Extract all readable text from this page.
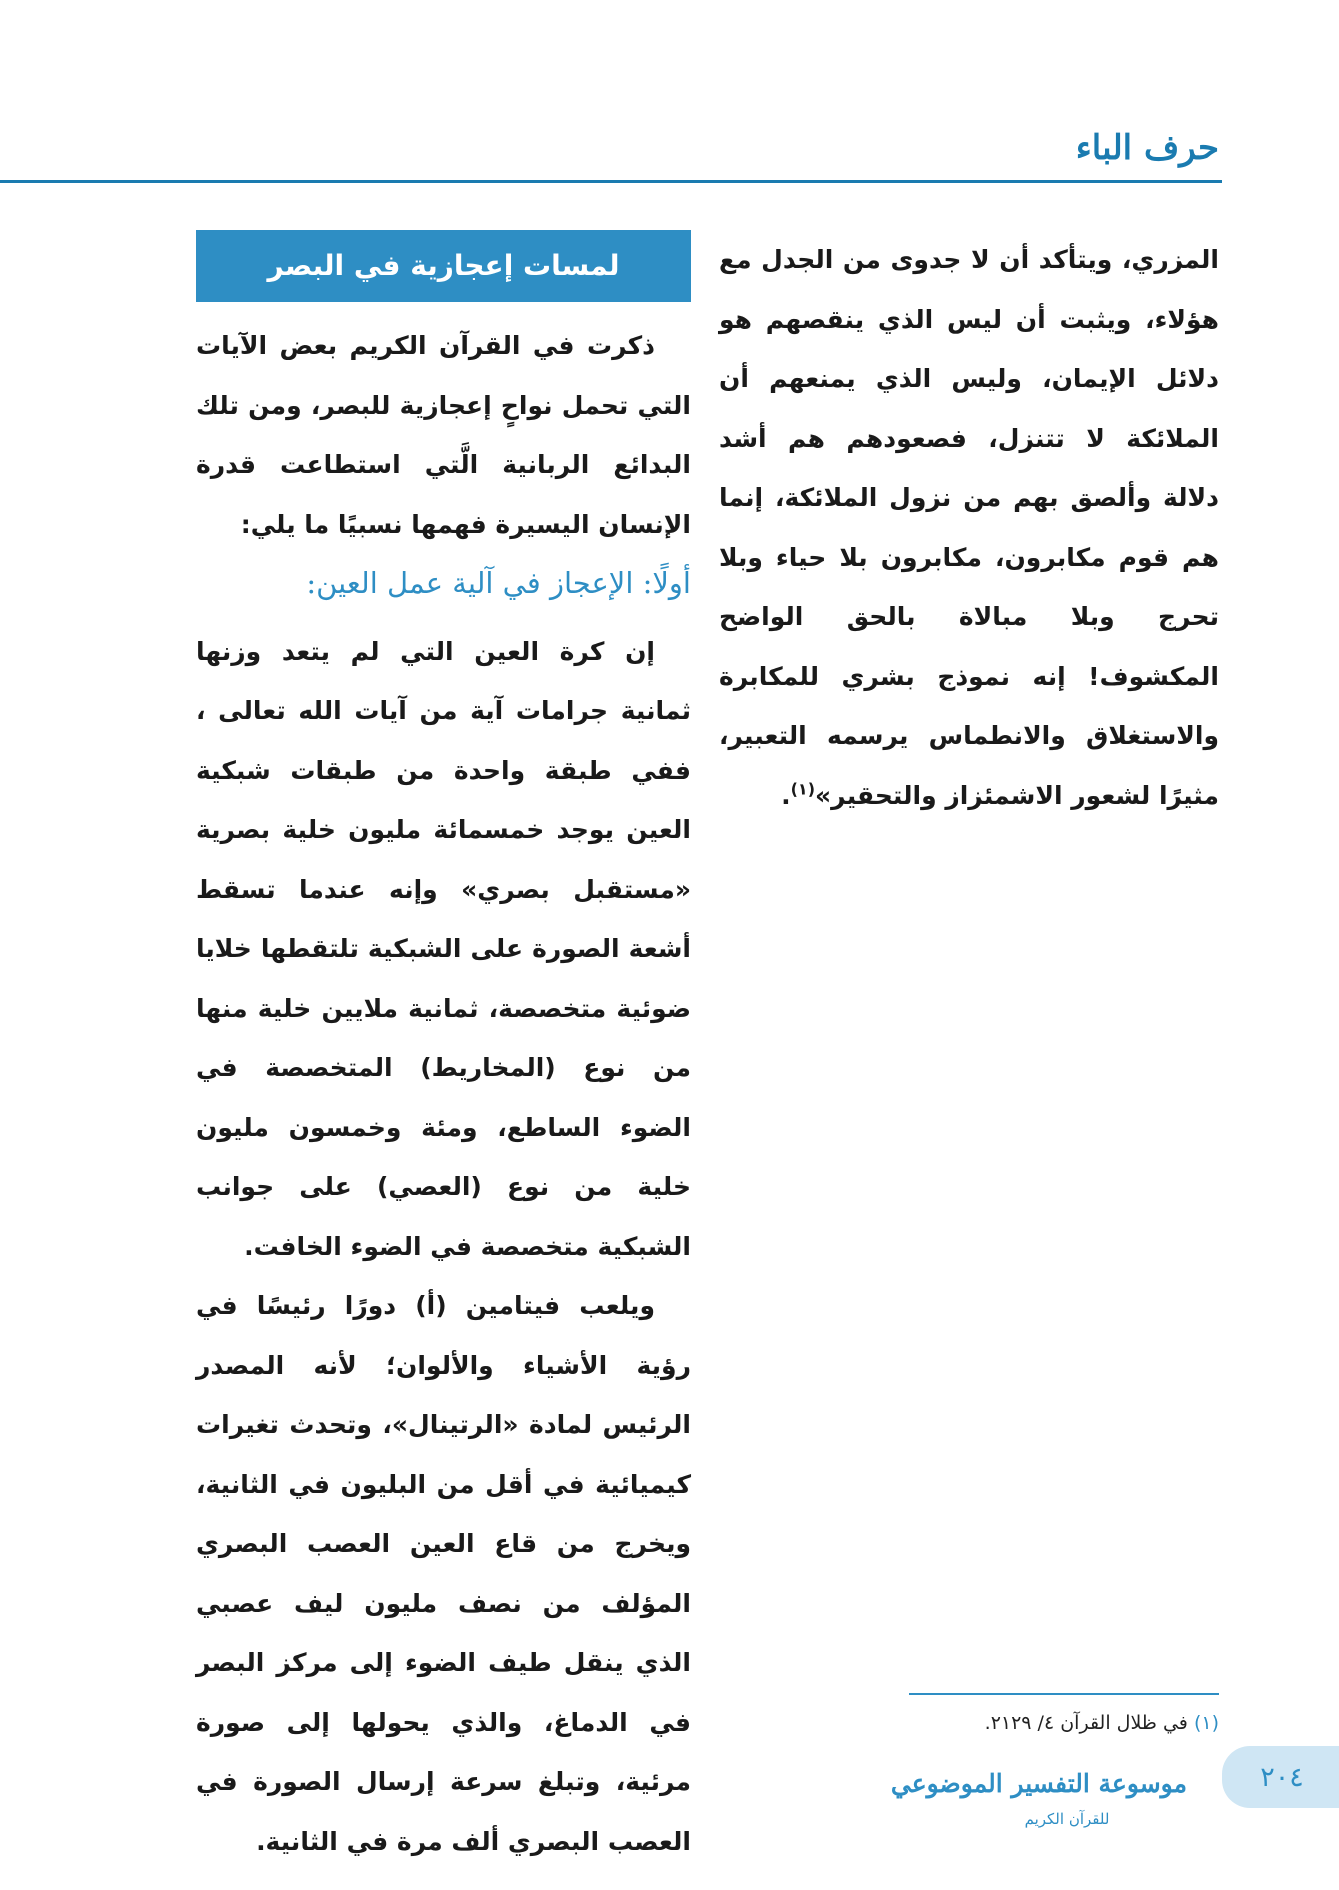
حرف الباء

المزري، ويتأكد أن لا جدوى من الجدل مع هؤلاء، ويثبت أن ليس الذي ينقصهم هو دلائل الإيمان، وليس الذي يمنعهم أن الملائكة لا تتنزل، فصعودهم هم أشد دلالة وألصق بهم من نزول الملائكة، إنما هم قوم مكابرون، مكابرون بلا حياء وبلا تحرج وبلا مبالاة بالحق الواضح المكشوف! إنه نموذج بشري للمكابرة والاستغلاق والانطماس يرسمه التعبير، مثيرًا لشعور الاشمئزاز والتحقير»$^{(١)}$.

لمسات إعجازية في البصر

ذكرت في القرآن الكريم بعض الآيات التي تحمل نواحٍ إعجازية للبصر، ومن تلك البدائع الربانية الَّتي استطاعت قدرة الإنسان اليسيرة فهمها نسبيًا ما يلي:

أولًا: الإعجاز في آلية عمل العين:

إن كرة العين التي لم يتعد وزنها ثمانية جرامات آية من آيات الله تعالى ، ففي طبقة واحدة من طبقات شبكية العين يوجد خمسمائة مليون خلية بصرية «مستقبل بصري» وإنه عندما تسقط أشعة الصورة على الشبكية تلتقطها خلايا ضوئية متخصصة، ثمانية ملايين خلية منها من نوع (المخاريط) المتخصصة في الضوء الساطع، ومئة وخمسون مليون خلية من نوع (العصي) على جوانب الشبكية متخصصة في الضوء الخافت.

ويلعب فيتامين (أ) دورًا رئيسًا في رؤية الأشياء والألوان؛ لأنه المصدر الرئيس لمادة «الرتينال»، وتحدث تغيرات كيميائية في أقل من البليون في الثانية، ويخرج من قاع العين العصب البصري المؤلف من نصف مليون ليف عصبي الذي ينقل طيف الضوء إلى مركز البصر في الدماغ، والذي يحولها إلى صورة مرئية، وتبلغ سرعة إرسال الصورة في العصب البصري ألف مرة في الثانية.

(١) في ظلال القرآن ٤/ ٢١٢٩.
موسوعة التفسير الموضوعي
للقرآن الكريم
٢٠٤
